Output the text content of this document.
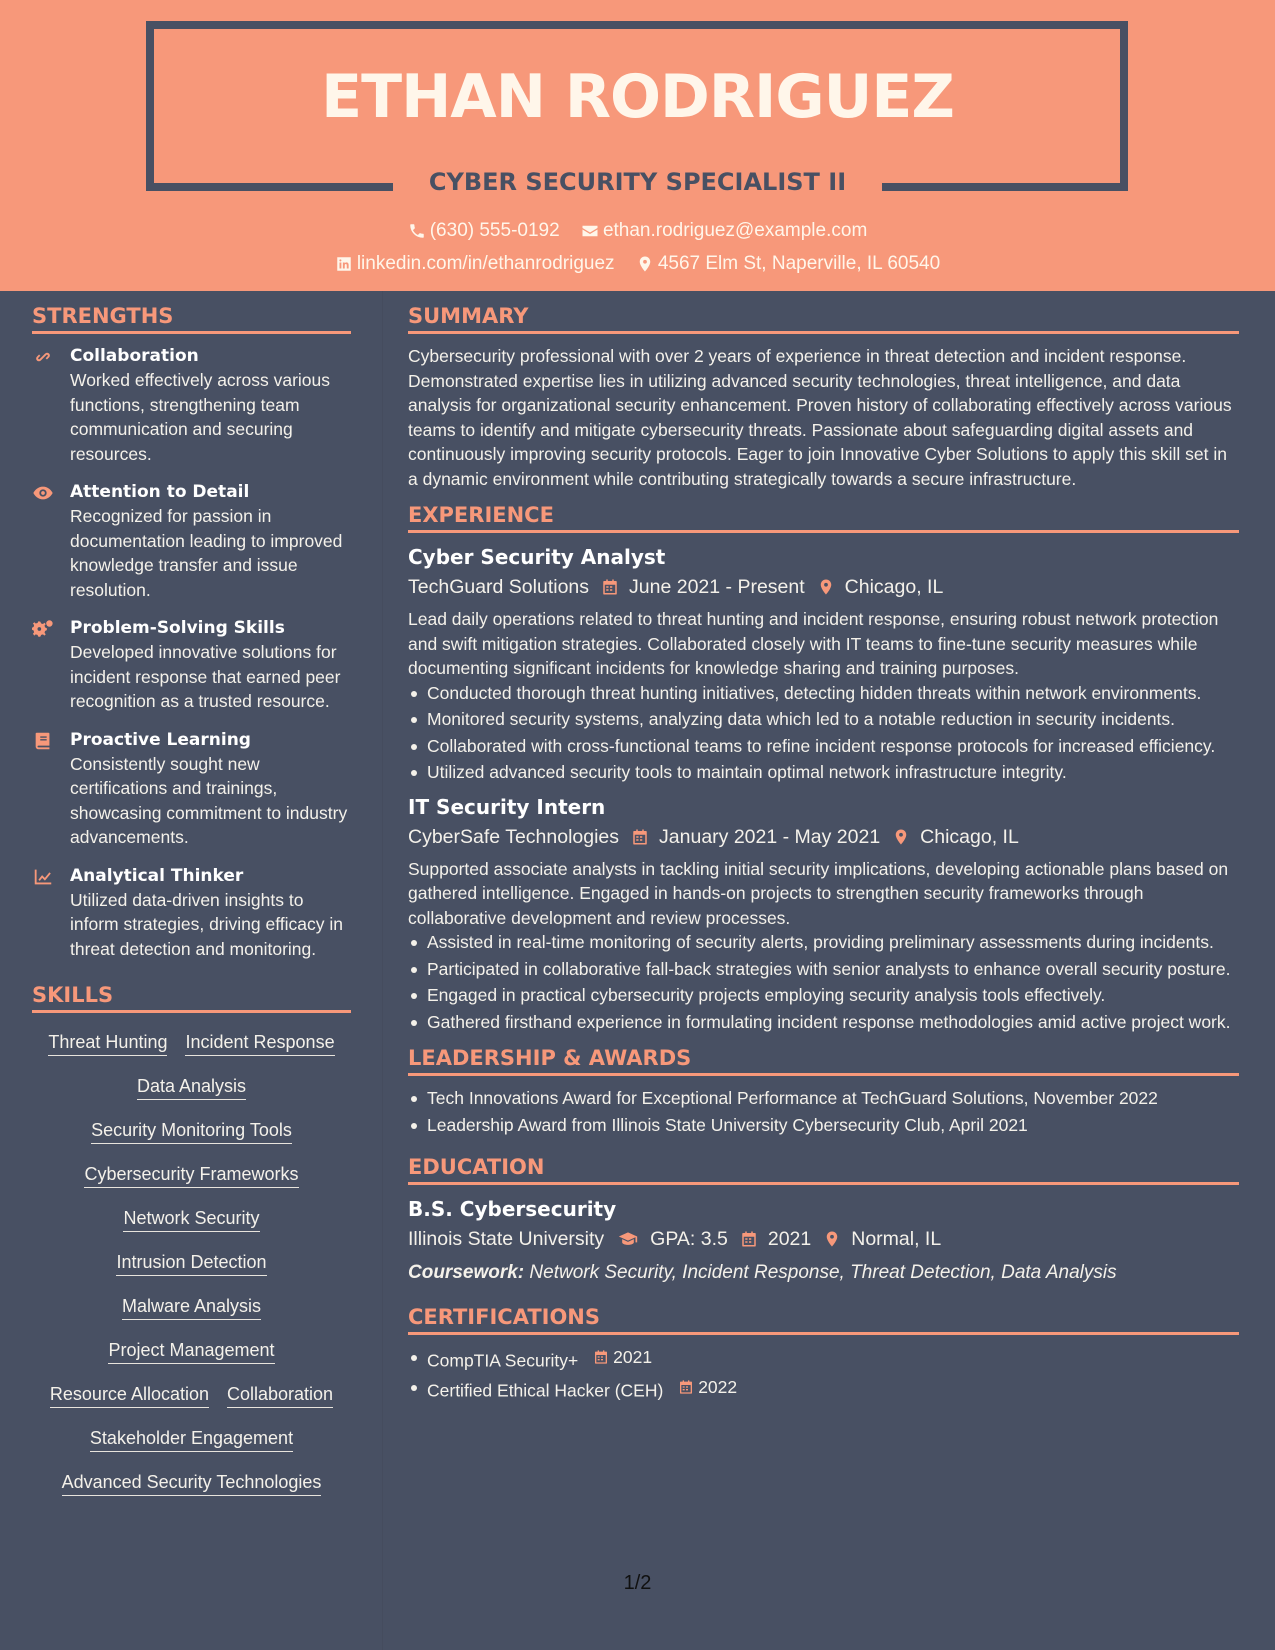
ETHAN RODRIGUEZ
CYBER SECURITY SPECIALIST II
(630) 555-0192
ethan.rodriguez@example.com
linkedin.com/in/ethanrodriguez
4567 Elm St, Naperville, IL 60540
STRENGTHS
Collaboration
Worked effectively across various functions, strengthening team communication and securing resources.
Attention to Detail
Recognized for passion in documentation leading to improved knowledge transfer and issue resolution.
Problem-Solving Skills
Developed innovative solutions for incident response that earned peer recognition as a trusted resource.
Proactive Learning
Consistently sought new certifications and trainings, showcasing commitment to industry advancements.
Analytical Thinker
Utilized data-driven insights to inform strategies, driving efficacy in threat detection and monitoring.
SKILLS
Threat Hunting Incident Response
Data Analysis
Security Monitoring Tools
Cybersecurity Frameworks
Network Security
Intrusion Detection
Malware Analysis
Project Management
Resource Allocation Collaboration
Stakeholder Engagement
Advanced Security Technologies
SUMMARY
Cybersecurity professional with over 2 years of experience in threat detection and incident response. Demonstrated expertise lies in utilizing advanced security technologies, threat intelligence, and data analysis for organizational security enhancement. Proven history of collaborating effectively across various teams to identify and mitigate cybersecurity threats. Passionate about safeguarding digital assets and continuously improving security protocols. Eager to join Innovative Cyber Solutions to apply this skill set in a dynamic environment while contributing strategically towards a secure infrastructure.
EXPERIENCE
Cyber Security Analyst
TechGuard Solutions June 2021 - Present Chicago, IL
Lead daily operations related to threat hunting and incident response, ensuring robust network protection and swift mitigation strategies. Collaborated closely with IT teams to fine-tune security measures while documenting significant incidents for knowledge sharing and training purposes.
Conducted thorough threat hunting initiatives, detecting hidden threats within network environments.
Monitored security systems, analyzing data which led to a notable reduction in security incidents.
Collaborated with cross-functional teams to refine incident response protocols for increased efficiency.
Utilized advanced security tools to maintain optimal network infrastructure integrity.
IT Security Intern
CyberSafe Technologies January 2021 - May 2021 Chicago, IL
Supported associate analysts in tackling initial security implications, developing actionable plans based on gathered intelligence. Engaged in hands-on projects to strengthen security frameworks through collaborative development and review processes.
Assisted in real-time monitoring of security alerts, providing preliminary assessments during incidents.
Participated in collaborative fall-back strategies with senior analysts to enhance overall security posture.
Engaged in practical cybersecurity projects employing security analysis tools effectively.
Gathered firsthand experience in formulating incident response methodologies amid active project work.
LEADERSHIP & AWARDS
Tech Innovations Award for Exceptional Performance at TechGuard Solutions, November 2022
Leadership Award from Illinois State University Cybersecurity Club, April 2021
EDUCATION
B.S. Cybersecurity
Illinois State University GPA: 3.5 2021 Normal, IL
Coursework: Network Security, Incident Response, Threat Detection, Data Analysis
CERTIFICATIONS
CompTIA Security+ 2021
Certified Ethical Hacker (CEH) 2022
1/2
